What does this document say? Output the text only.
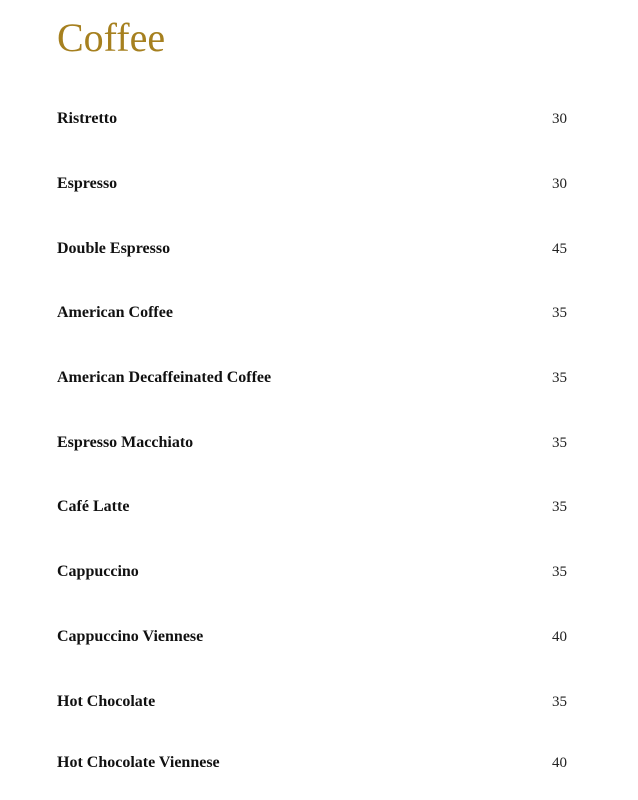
Coffee
Ristretto	30
Espresso	30
Double Espresso	45
American Coffee	35
American Decaffeinated Coffee	35
Espresso Macchiato	35
Café Latte	35
Cappuccino	35
Cappuccino Viennese	40
Hot Chocolate	35
Hot Chocolate Viennese	40
